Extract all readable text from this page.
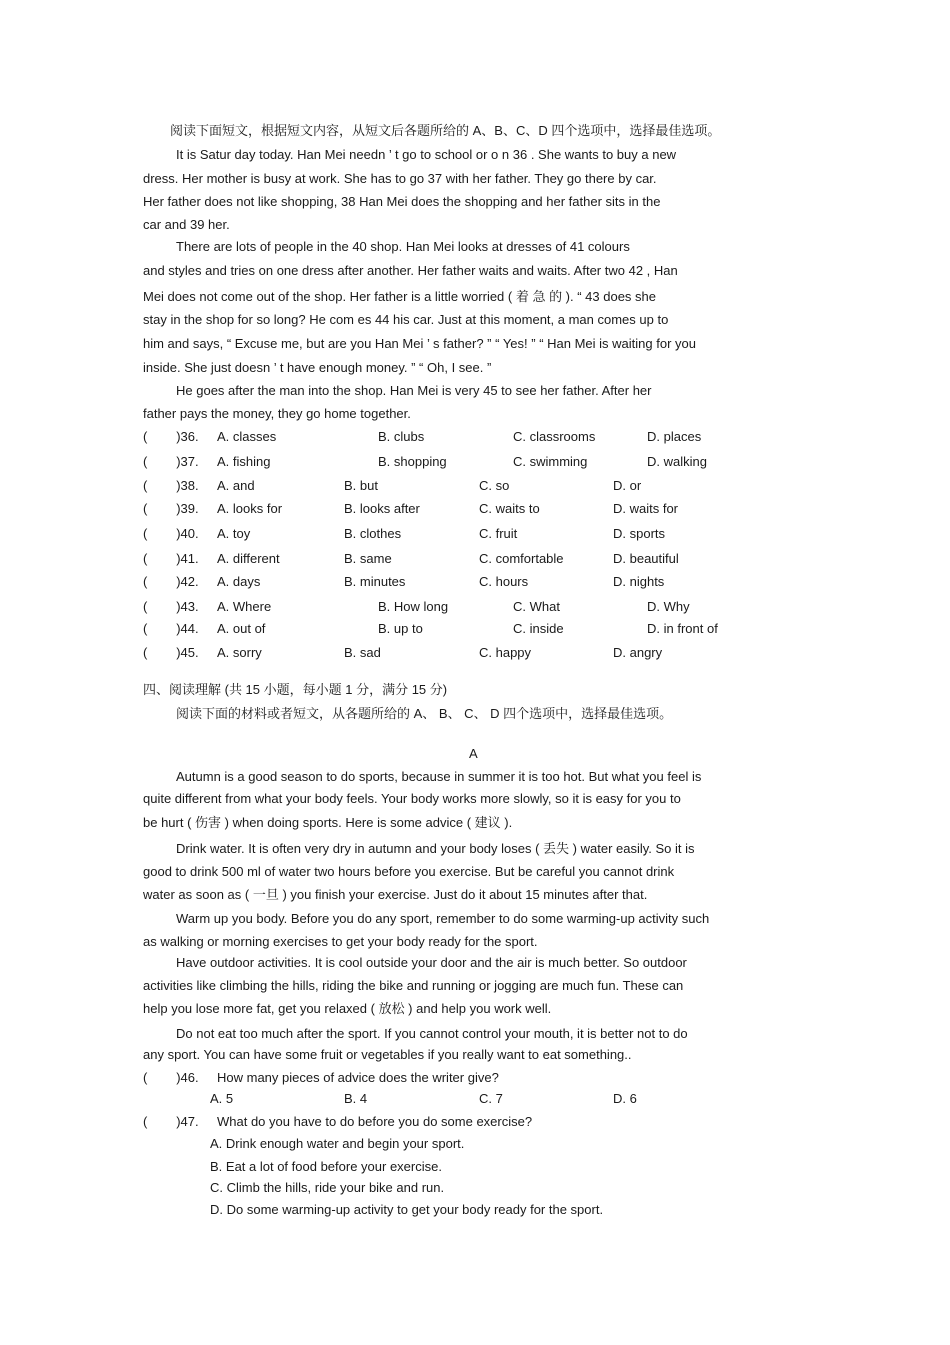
阅读下面短文，根据短文内容，从短文后各题所给的 A、B、C、D 四个选项中，选择最佳选项。
It is Satur day today. Han Mei needn ’ t go to school or o n 36 . She wants to buy a new
dress. Her mother is busy at work. She has to go 37 with her father. They go there by car.
Her father does not like shopping, 38 Han Mei does the shopping and her father sits in the
car and 39 her.
There are lots of people in the 40 shop. Han Mei looks at dresses of 41 colours
and styles and tries on one dress after another. Her father waits and waits. After two 42 , Han
Mei does not come out of the shop. Her father is a little worried ( 着 急 的 ). “ 43 does she
stay in the shop for so long? He com es 44 his car. Just at this moment, a man comes up to
him and says, “ Excuse me, but are you Han Mei ’ s father? ” “ Yes! ” “ Han Mei is waiting for you
inside. She just doesn ’ t have enough money. ” “ Oh, I see. ”
He goes after the man into the shop. Han Mei is very 45 to see her father. After her
father pays the money, they go home together.
(        )36. A. classes	B. clubs	C. classrooms	D. places
(        )37. A. fishing	B. shopping	C. swimming	D. walking
(        )38. A. and	B. but	C. so	D. or
(        )39. A. looks for	B. looks after	C. waits to	D. waits for
(        )40. A. toy	B. clothes	C. fruit	D. sports
(        )41. A. different	B. same	C. comfortable	D. beautiful
(        )42. A. days	B. minutes	C. hours	D. nights
(        )43. A. Where	B. How long	C. What	D. Why
(        )44. A. out of	B. up to	C. inside	D. in front of
(        )45. A. sorry	B. sad	C. happy	D. angry
四、阅读理解 (共 15 小题，每小题 1 分，满分 15 分)
阅读下面的材料或者短文，从各题所给的 A、 B、 C、 D 四个选项中，选择最佳选项。
A
Autumn is a good season to do sports, because in summer it is too hot. But what you feel is
quite different from what your body feels. Your body works more slowly, so it is easy for you to
be hurt ( 伤害 ) when doing sports. Here is some advice ( 建议 ).
Drink water. It is often very dry in autumn and your body loses ( 丢失 ) water easily. So it is
good to drink 500 ml of water two hours before you exercise. But be careful you cannot drink
water as soon as ( 一旦 ) you finish your exercise. Just do it about 15 minutes after that.
Warm up you body. Before you do any sport, remember to do some warming-up activity such
as walking or morning exercises to get your body ready for the sport.
Have outdoor activities. It is cool outside your door and the air is much better. So outdoor
activities like climbing the hills, riding the bike and running or jogging are much fun. These can
help you lose more fat, get you relaxed ( 放松 ) and help you work well.
Do not eat too much after the sport. If you cannot control your mouth, it is better not to do
any sport. You can have some fruit or vegetables if you really want to eat something..
(        )46. How many pieces of advice does the writer give?
A. 5	B. 4	C. 7	D. 6
(        )47. What do you have to do before you do some exercise?
A. Drink enough water and begin your sport.
B. Eat a lot of food before your exercise.
C. Climb the hills, ride your bike and run.
D. Do some warming-up activity to get your body ready for the sport.
